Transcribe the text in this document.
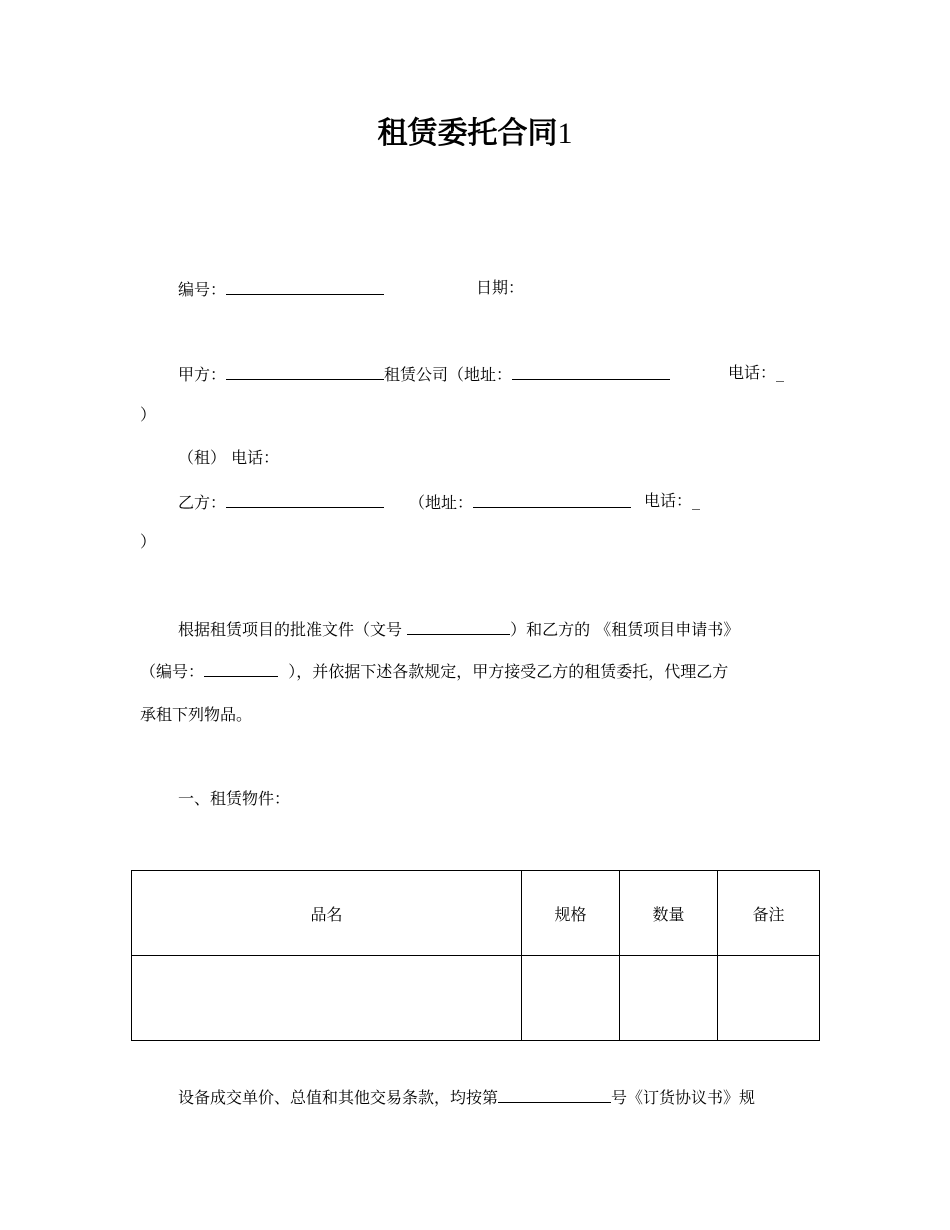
租赁委托合同1
编号：	日期：
甲方：	租赁公司（地址：	电话：_
）
（租） 电话：
乙方：	（地址：	电话：_
）
根据租赁项目的批准文件（文号	）和乙方的 《租赁项目申请书》
（编号：	），并依据下述各款规定，甲方接受乙方的租赁委托，代理乙方
承租下列物品。
一、租赁物件：
品名	规格	数量	备注

设备成交单价、总值和其他交易条款，均按第	号《订货协议书》规
